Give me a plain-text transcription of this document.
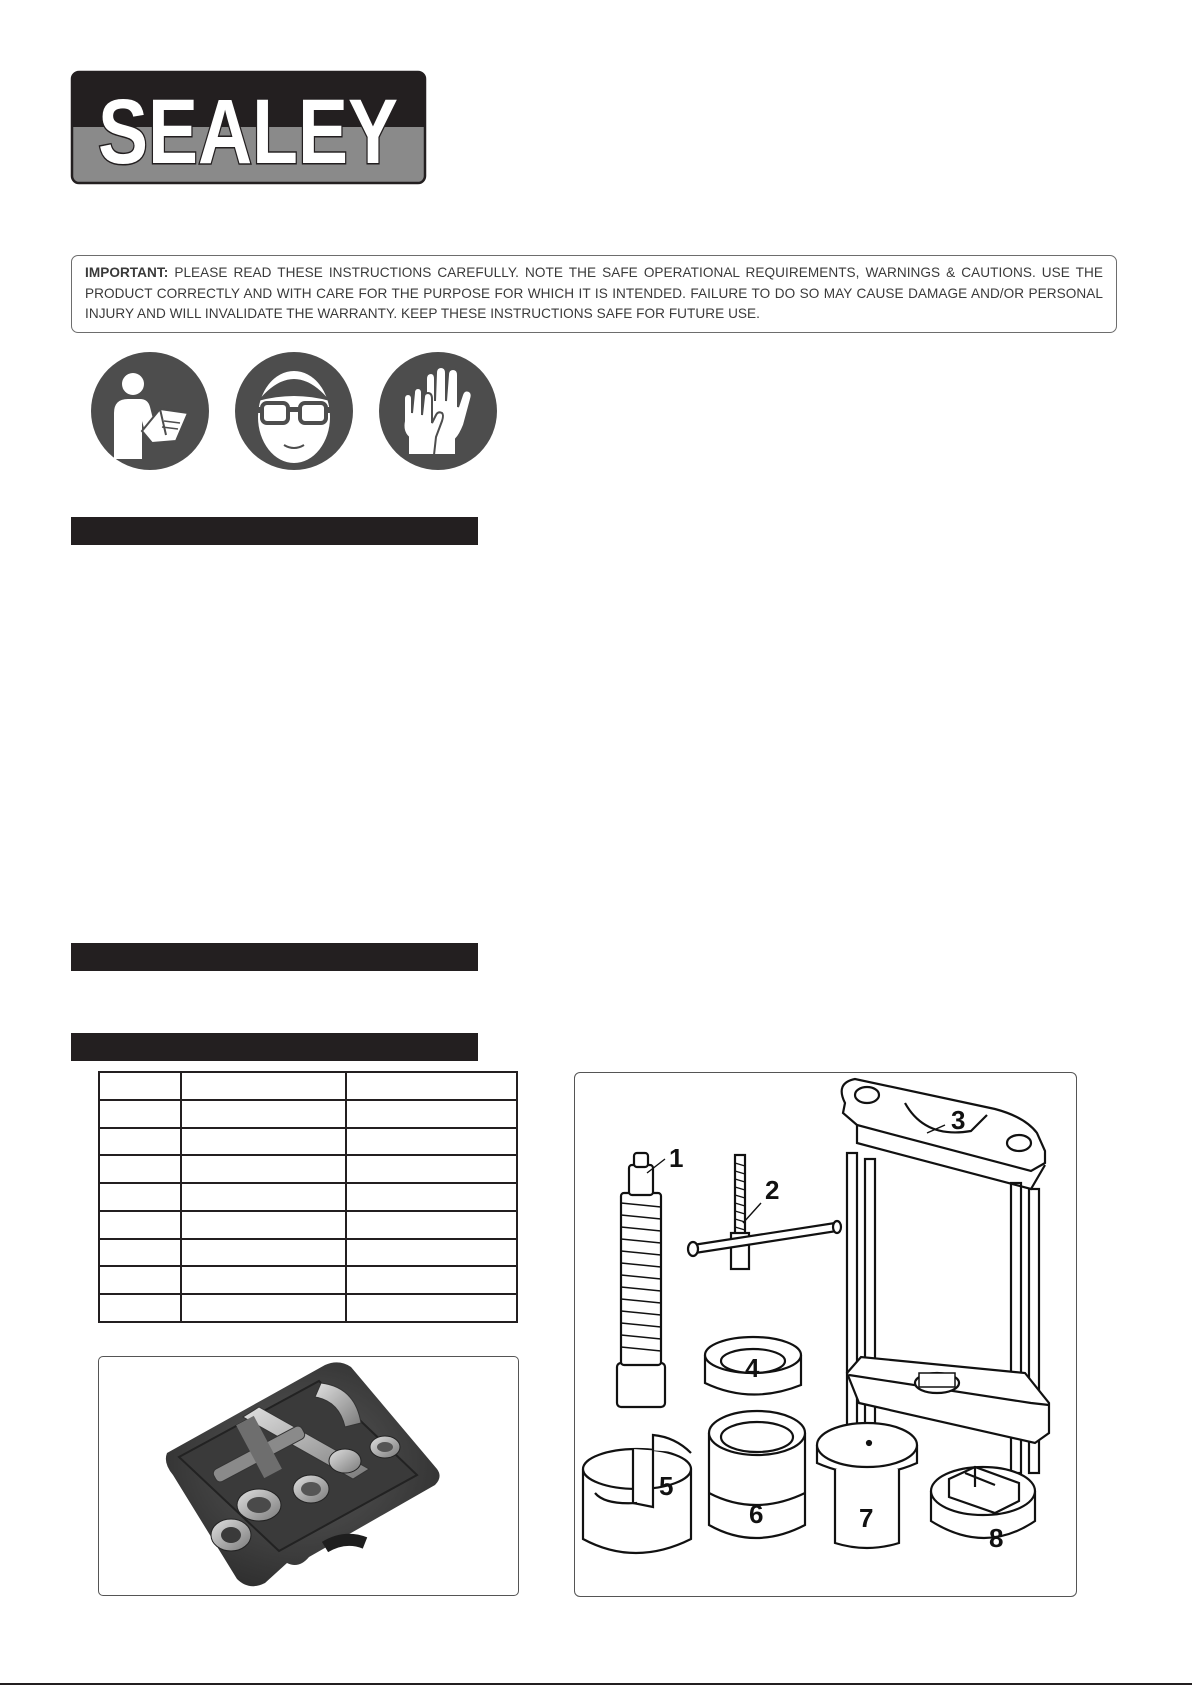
SEALEY
IMPORTANT: PLEASE READ THESE INSTRUCTIONS CAREFULLY. NOTE THE SAFE OPERATIONAL REQUIREMENTS, WARNINGS & CAUTIONS. USE THE PRODUCT CORRECTLY AND WITH CARE FOR THE PURPOSE FOR WHICH IT IS INTENDED. FAILURE TO DO SO MAY CAUSE DAMAGE AND/OR PERSONAL INJURY AND WILL INVALIDATE THE WARRANTY. KEEP THESE INSTRUCTIONS SAFE FOR FUTURE USE.

1
2
3
4
5
6	7
8
